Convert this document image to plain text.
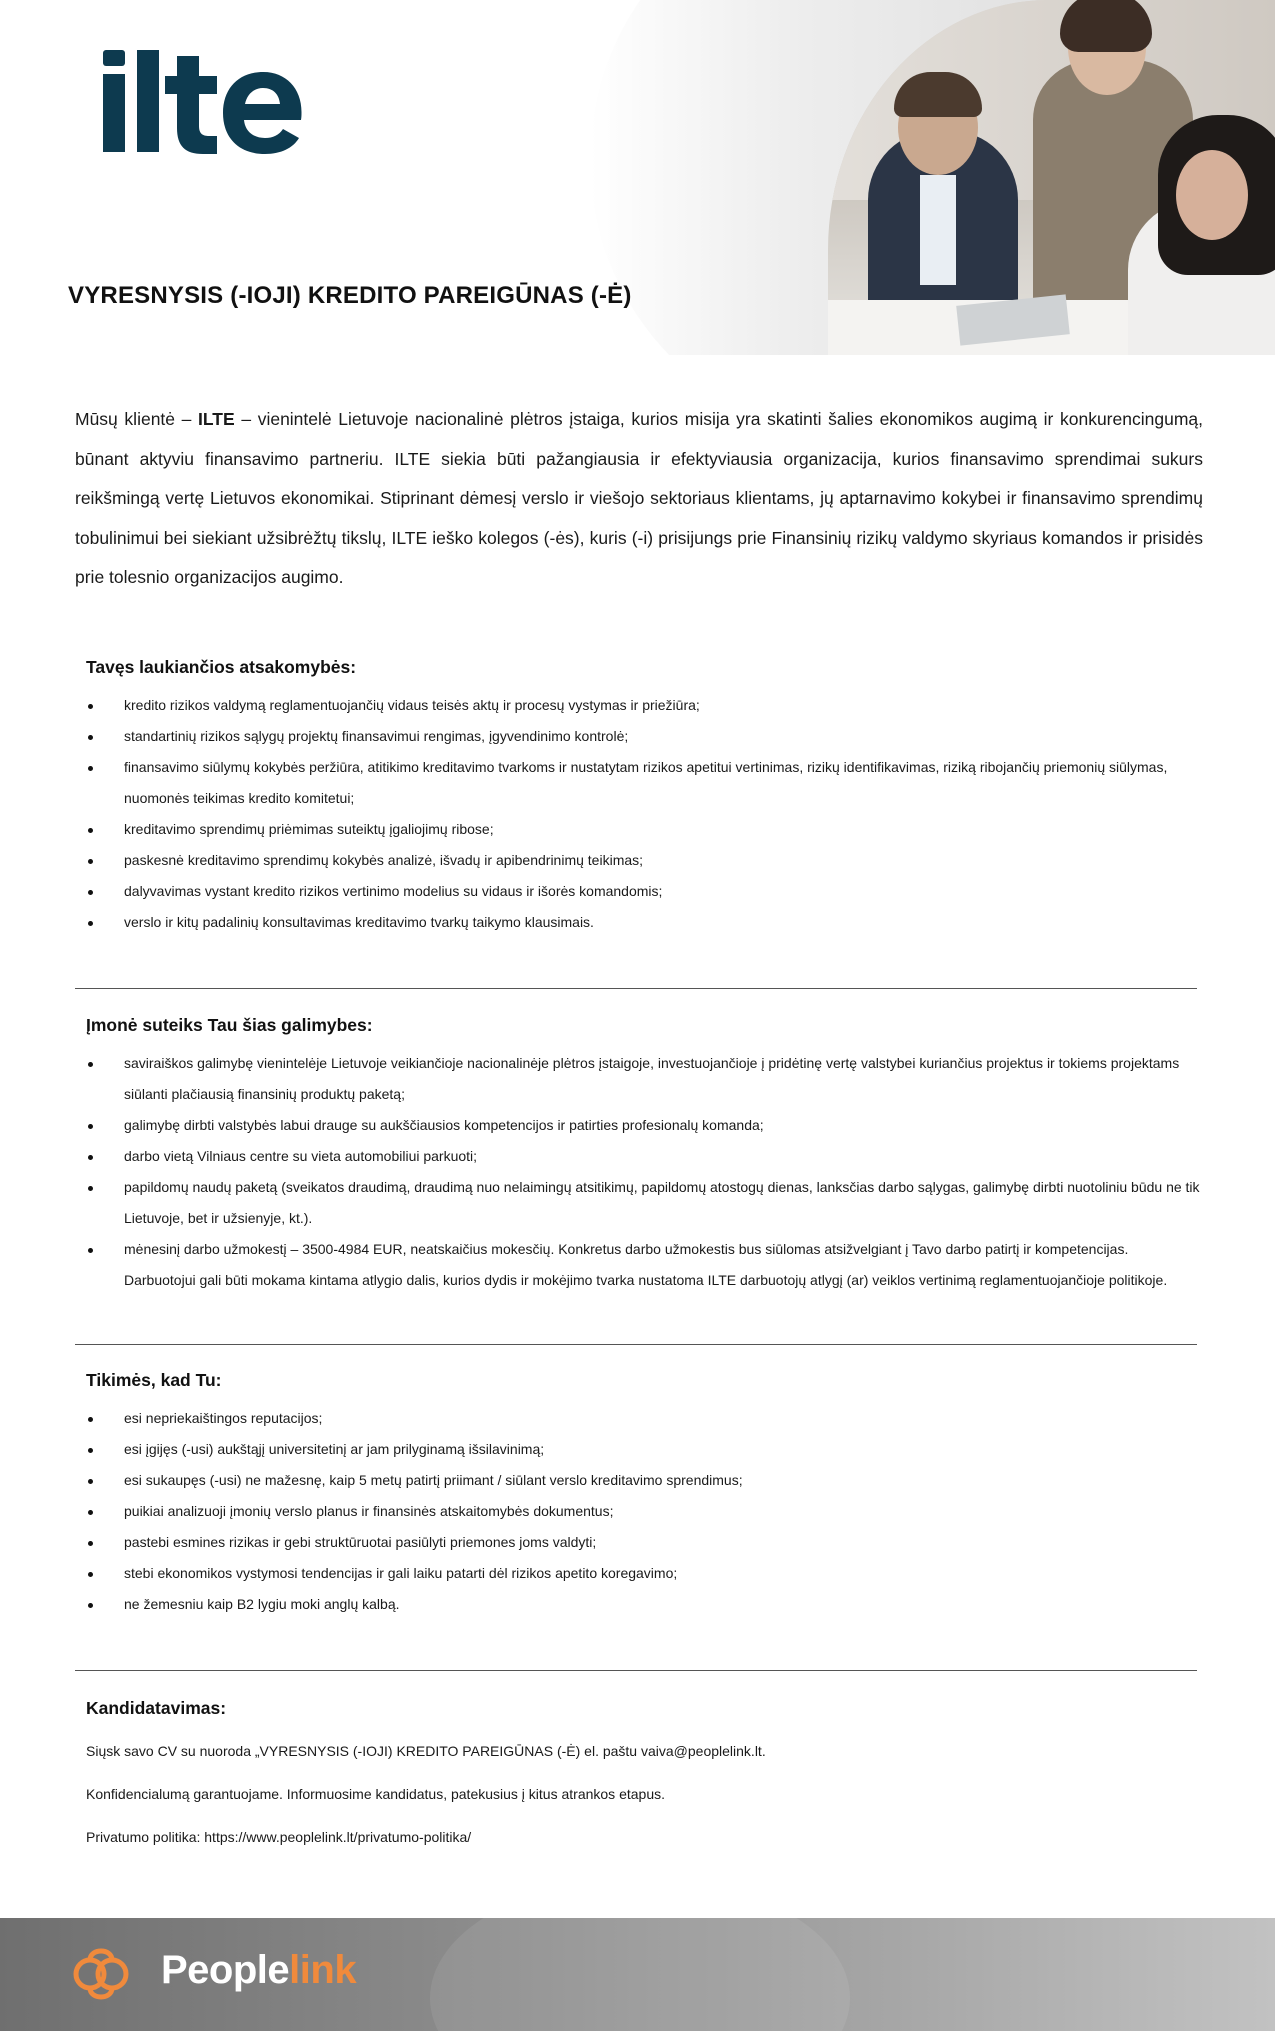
VYRESNYSIS (-IOJI) KREDITO PAREIGŪNAS (-Ė)

Mūsų klientė – ILTE – vienintelė Lietuvoje nacionalinė plėtros įstaiga, kurios misija yra skatinti šalies ekonomikos augimą ir konkurencingumą, būnant aktyviu finansavimo partneriu. ILTE siekia būti pažangiausia ir efektyviausia organizacija, kurios finansavimo sprendimai sukurs reikšmingą vertę Lietuvos ekonomikai. Stiprinant dėmesį verslo ir viešojo sektoriaus klientams, jų aptarnavimo kokybei ir finansavimo sprendimų tobulinimui bei siekiant užsibrėžtų tikslų, ILTE ieško kolegos (-ės), kuris (-i) prisijungs prie Finansinių rizikų valdymo skyriaus komandos ir prisidės prie tolesnio organizacijos augimo.

Tavęs laukiančios atsakomybės:
kredito rizikos valdymą reglamentuojančių vidaus teisės aktų ir procesų vystymas ir priežiūra;
standartinių rizikos sąlygų projektų finansavimui rengimas, įgyvendinimo kontrolė;
finansavimo siūlymų kokybės peržiūra, atitikimo kreditavimo tvarkoms ir nustatytam rizikos apetitui vertinimas, rizikų identifikavimas, riziką ribojančių priemonių siūlymas, nuomonės teikimas kredito komitetui;
kreditavimo sprendimų priėmimas suteiktų įgaliojimų ribose;
paskesnė kreditavimo sprendimų kokybės analizė, išvadų ir apibendrinimų teikimas;
dalyvavimas vystant kredito rizikos vertinimo modelius su vidaus ir išorės komandomis;
verslo ir kitų padalinių konsultavimas kreditavimo tvarkų taikymo klausimais.
Įmonė suteiks Tau šias galimybes:
saviraiškos galimybę vienintelėje Lietuvoje veikiančioje nacionalinėje plėtros įstaigoje, investuojančioje į pridėtinę vertę valstybei kuriančius projektus ir tokiems projektams siūlanti plačiausią finansinių produktų paketą;
galimybę dirbti valstybės labui drauge su aukščiausios kompetencijos ir patirties profesionalų komanda;
darbo vietą Vilniaus centre su vieta automobiliui parkuoti;
papildomų naudų paketą (sveikatos draudimą, draudimą nuo nelaimingų atsitikimų, papildomų atostogų dienas, lanksčias darbo sąlygas, galimybę dirbti nuotoliniu būdu ne tik Lietuvoje, bet ir užsienyje, kt.).
mėnesinį darbo užmokestį – 3500-4984 EUR, neatskaičius mokesčių. Konkretus darbo užmokestis bus siūlomas atsižvelgiant į Tavo darbo patirtį ir kompetencijas. Darbuotojui gali būti mokama kintama atlygio dalis, kurios dydis ir mokėjimo tvarka nustatoma ILTE darbuotojų atlygį (ar) veiklos vertinimą reglamentuojančioje politikoje.
Tikimės, kad Tu:
esi nepriekaištingos reputacijos;
esi įgijęs (-usi) aukštąjį universitetinį ar jam prilyginamą išsilavinimą;
esi sukaupęs (-usi) ne mažesnę, kaip 5 metų patirtį priimant / siūlant verslo kreditavimo sprendimus;
puikiai analizuoji įmonių verslo planus ir finansinės atskaitomybės dokumentus;
pastebi esmines rizikas ir gebi struktūruotai pasiūlyti priemones joms valdyti;
stebi ekonomikos vystymosi tendencijas ir gali laiku patarti dėl rizikos apetito koregavimo;
ne žemesniu kaip B2 lygiu moki anglų kalbą.
Kandidatavimas:

Siųsk savo CV su nuoroda „VYRESNYSIS (-IOJI) KREDITO PAREIGŪNAS (-Ė) el. paštu vaiva@peoplelink.lt.

Konfidencialumą garantuojame. Informuosime kandidatus, patekusius į kitus atrankos etapus.

Privatumo politika: https://www.peoplelink.lt/privatumo-politika/

Peoplelink
